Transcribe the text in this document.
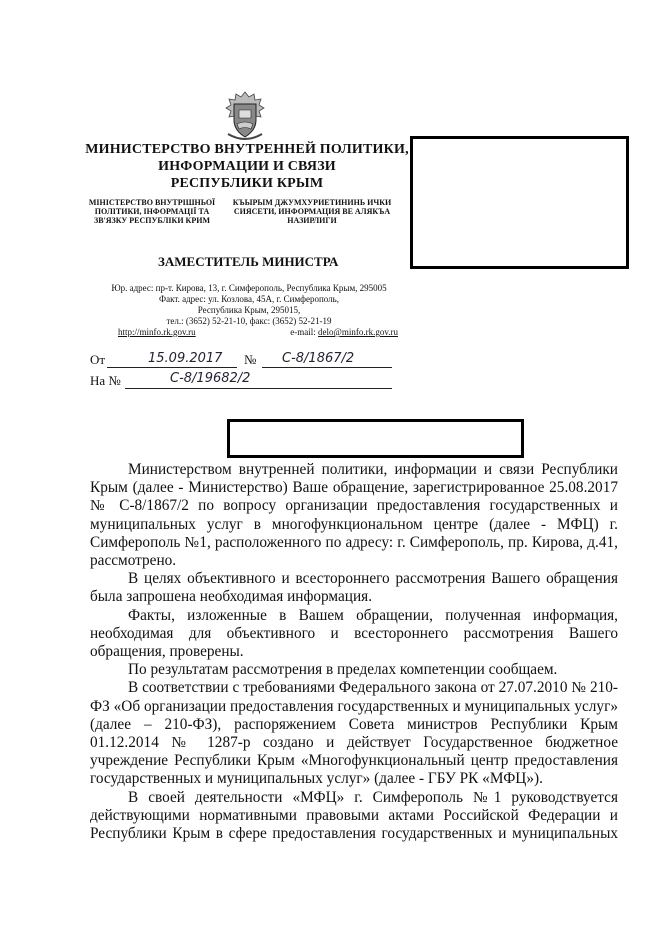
МИНИСТЕРСТВО ВНУТРЕННЕЙ ПОЛИТИКИ,
ИНФОРМАЦИИ И СВЯЗИ
РЕСПУБЛИКИ КРЫМ
МІНІСТЕРСТВО ВНУТРІШНЬОЇ
ПОЛІТИКИ, ІНФОРМАЦІЇ ТА
ЗВ'ЯЗКУ РЕСПУБЛІКИ КРИМ
КЪЫРЫМ ДЖУМХУРИЕТИНИНЬ ИЧКИ
СИЯСЕТИ, ИНФОРМАЦИЯ ВЕ АЛЯКЪА
НАЗИРЛИГИ
ЗАМЕСТИТЕЛЬ МИНИСТРА
Юр. адрес: пр-т. Кирова, 13, г. Симферополь, Республика Крым, 295005
Факт. адрес: ул. Козлова, 45А, г. Симферополь,
Республика Крым, 295015,
тел.: (3652) 52-21-10, факс: (3652) 52-21-19
http://minfo.rk.gov.ru	e-mail: delo@minfo.rk.gov.ru
От	15.09.2017 № С-8/1867/2
На №	С-8/19682/2

Министерством внутренней политики, информации и связи Республики Крым (далее - Министерство) Ваше обращение, зарегистрированное 25.08.2017 № С-8/1867/2 по вопросу организации предоставления государственных и муниципальных услуг в многофункциональном центре (далее - МФЦ) г. Симферополь №1, расположенного по адресу: г. Симферополь, пр. Кирова, д.41, рассмотрено.

В целях объективного и всестороннего рассмотрения Вашего обращения была запрошена необходимая информация.

Факты, изложенные в Вашем обращении, полученная информация, необходимая для объективного и всестороннего рассмотрения Вашего обращения, проверены.

По результатам рассмотрения в пределах компетенции сообщаем.

В соответствии с требованиями Федерального закона от 27.07.2010 № 210-ФЗ «Об организации предоставления государственных и муниципальных услуг» (далее – 210-ФЗ), распоряжением Совета министров Республики Крым 01.12.2014 № 1287-р создано и действует Государственное бюджетное учреждение Республики Крым «Многофункциональный центр предоставления государственных и муниципальных услуг» (далее - ГБУ РК «МФЦ»).

В своей деятельности «МФЦ» г. Симферополь №1 руководствуется действующими нормативными правовыми актами Российской Федерации и Республики Крым в сфере предоставления государственных и муниципальных
